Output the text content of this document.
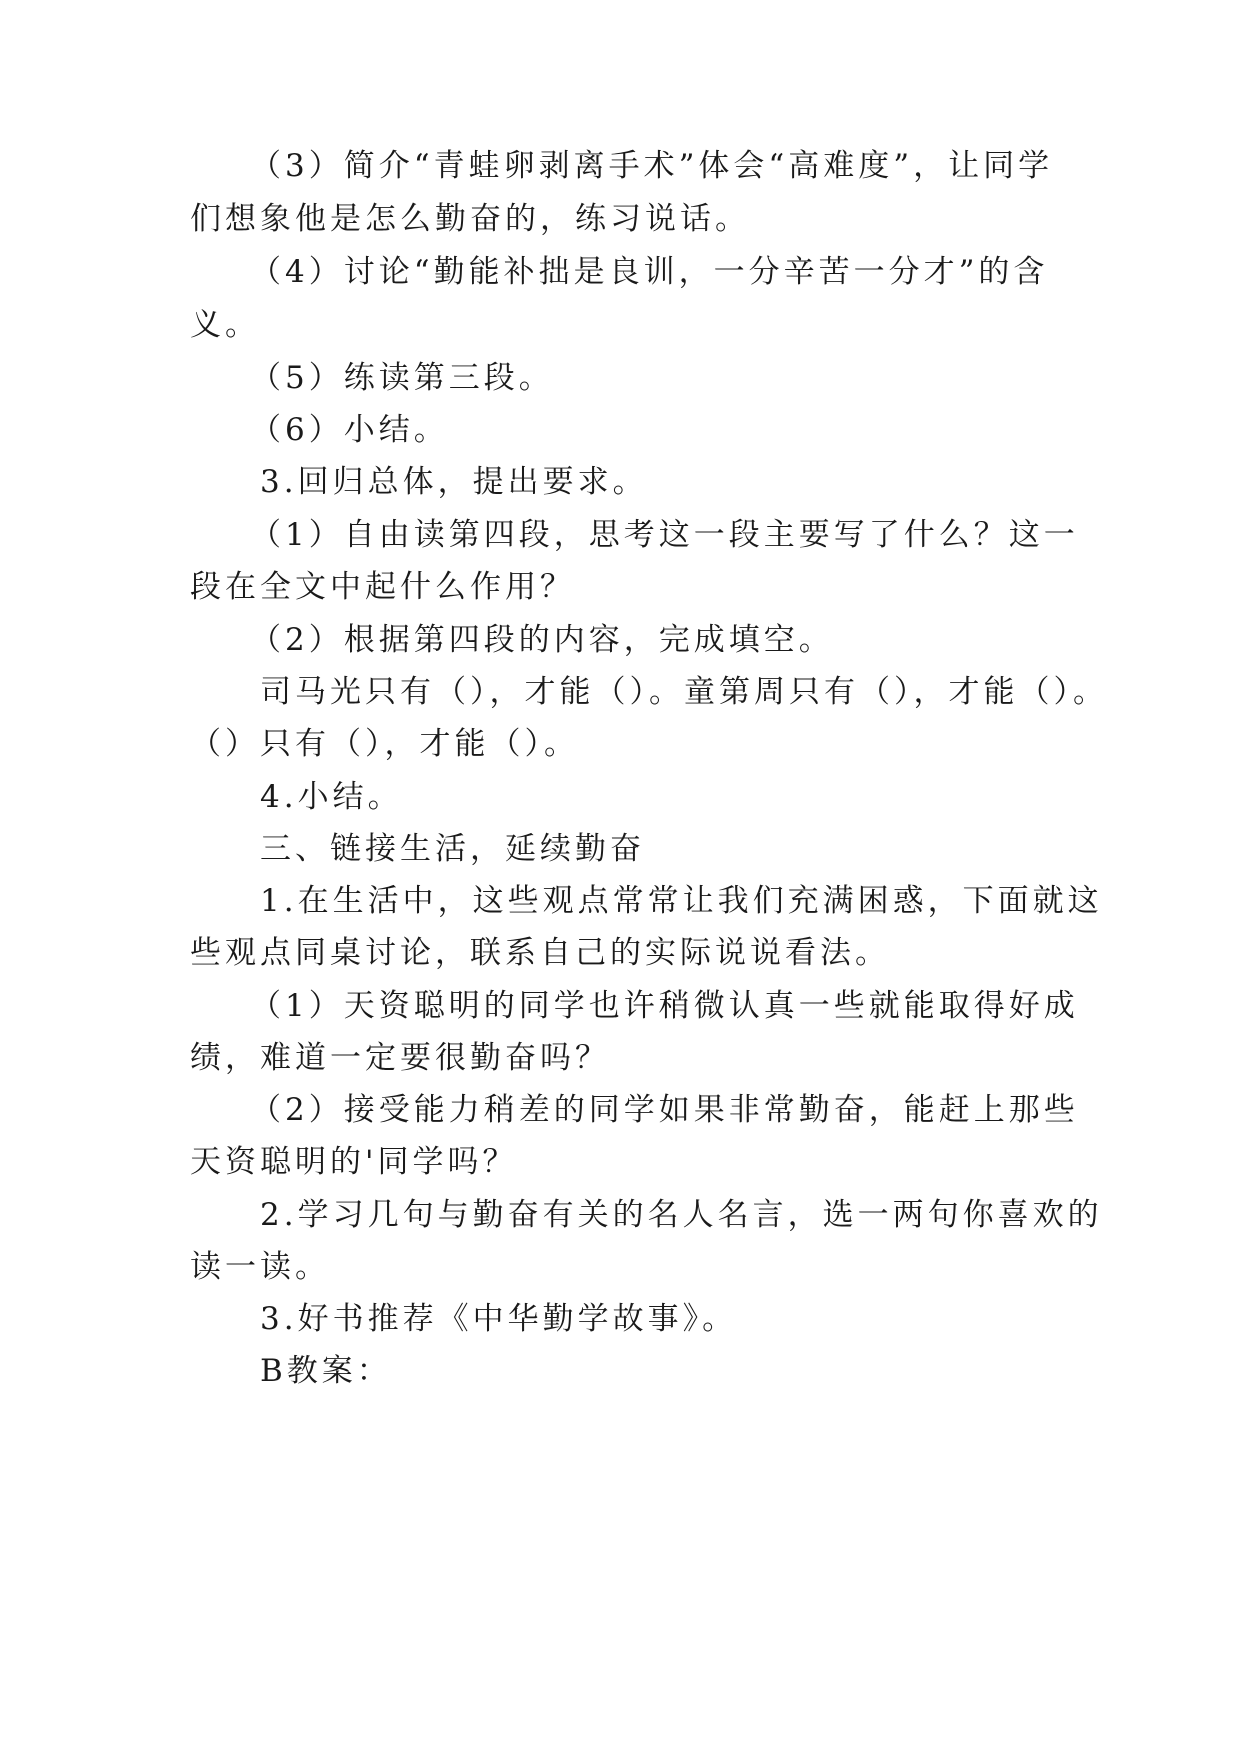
（3）简介“青蛙卵剥离手术”体会“高难度”，让同学
们想象他是怎么勤奋的，练习说话。
（4）讨论“勤能补拙是良训，一分辛苦一分才”的含
义。
（5）练读第三段。
（6）小结。
3.回归总体，提出要求。
（1）自由读第四段，思考这一段主要写了什么？这一
段在全文中起什么作用？
（2）根据第四段的内容，完成填空。
司马光只有（），才能（）。童第周只有（），才能（）。
（）只有（），才能（）。
4.小结。
三、链接生活，延续勤奋
1.在生活中，这些观点常常让我们充满困惑，下面就这
些观点同桌讨论，联系自己的实际说说看法。
（1）天资聪明的同学也许稍微认真一些就能取得好成
绩，难道一定要很勤奋吗？
（2）接受能力稍差的同学如果非常勤奋，能赶上那些
天资聪明的'同学吗？
2.学习几句与勤奋有关的名人名言，选一两句你喜欢的
读一读。
3.好书推荐《中华勤学故事》。
B教案：
